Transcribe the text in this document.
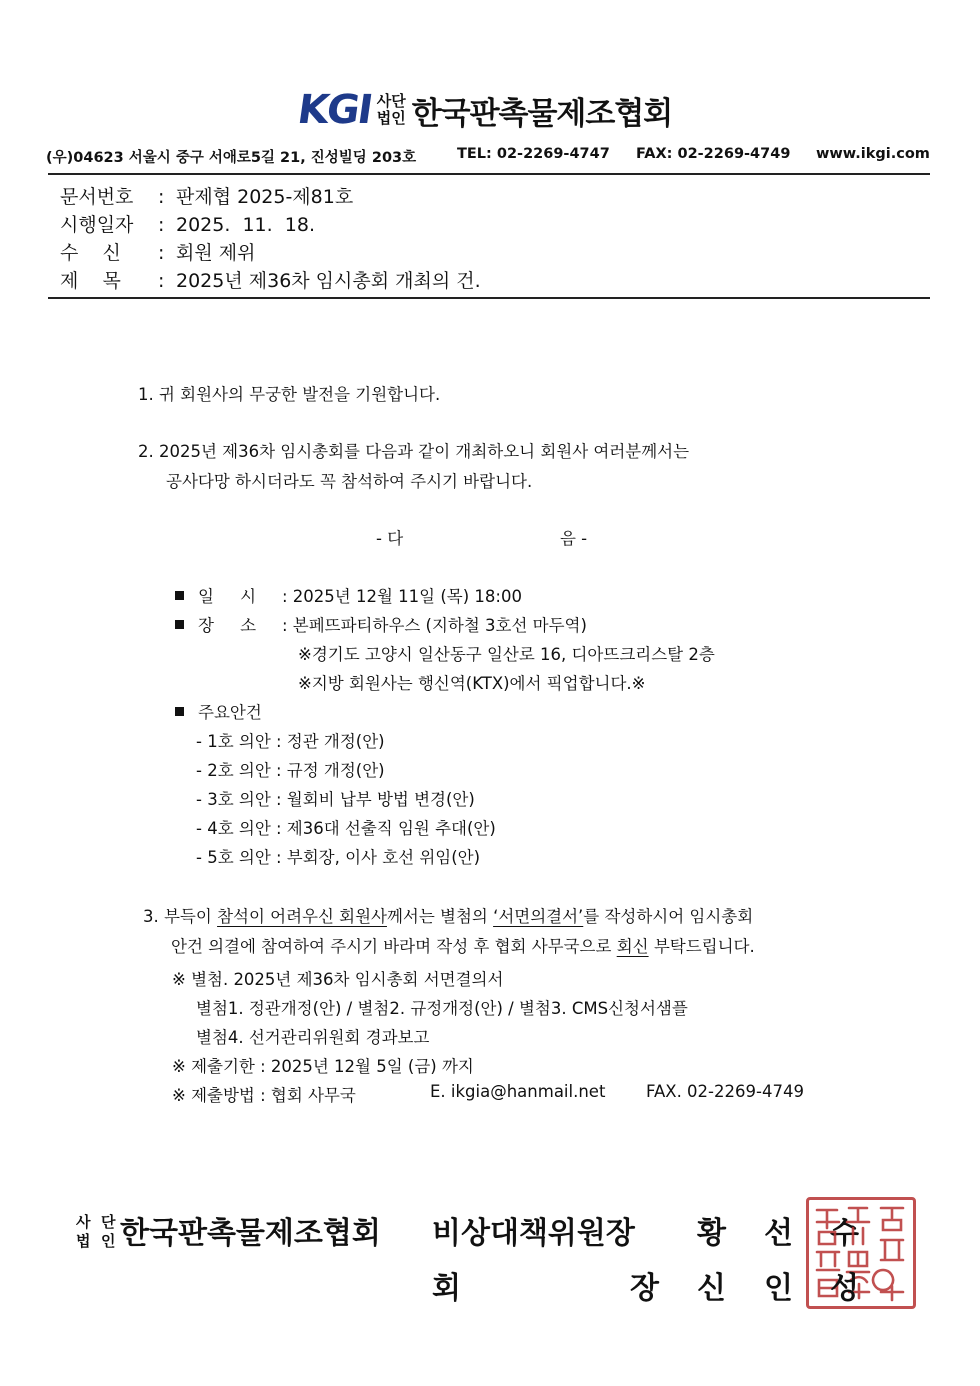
KGI 사단
법인 한국판촉물제조협회
(우)04623 서울시 중구 서애로5길 21, 진성빌딩 203호	TEL: 02-2269-4747 FAX: 02-2269-4749 www.ikgi.com
문서번호 : 판제협 2025-제81호
시행일자 : 2025.  11.  18.
수    신 : 회원 제위
제    목 : 2025년 제36차 임시총회 개최의 건.
1. 귀 회원사의 무궁한 발전을 기원합니다.
2. 2025년 제36차 임시총회를 다음과 같이 개최하오니 회원사 여러분께서는
공사다망 하시더라도 꼭 참석하여 주시기 바랍니다.
- 다	음 -
일     시 : 2025년 12월 11일 (목) 18:00
장     소 : 본페뜨파티하우스 (지하철 3호선 마두역)
※경기도 고양시 일산동구 일산로 16, 디아뜨크리스탈 2층
※지방 회원사는 행신역(KTX)에서 픽업합니다.※
주요안건
- 1호 의안 : 정관 개정(안)
- 2호 의안 : 규정 개정(안)
- 3호 의안 : 월회비 납부 방법 변경(안)
- 4호 의안 : 제36대 선출직 임원 추대(안)
- 5호 의안 : 부회장, 이사 호선 위임(안)
3. 부득이 참석이 어려우신 회원사께서는 별첨의 ‘서면의결서’를 작성하시어 임시총회
안건 의결에 참여하여 주시기 바라며 작성 후 협회 사무국으로 회신 부탁드립니다.
※ 별첨. 2025년 제36차 임시총회 서면결의서
별첨1. 정관개정(안) / 별첨2. 규정개정(안) / 별첨3. CMS신청서샘플
별첨4. 선거관리위원회 경과보고
※ 제출기한 : 2025년 12월 5일 (금) 까지
※ 제출방법 : 협회 사무국	E. ikgia@hanmail.net FAX. 02-2269-4749
사
법
단
인 한국판촉물제조협회 비상대책위원장 황 선 수
회	장 신 인 성
